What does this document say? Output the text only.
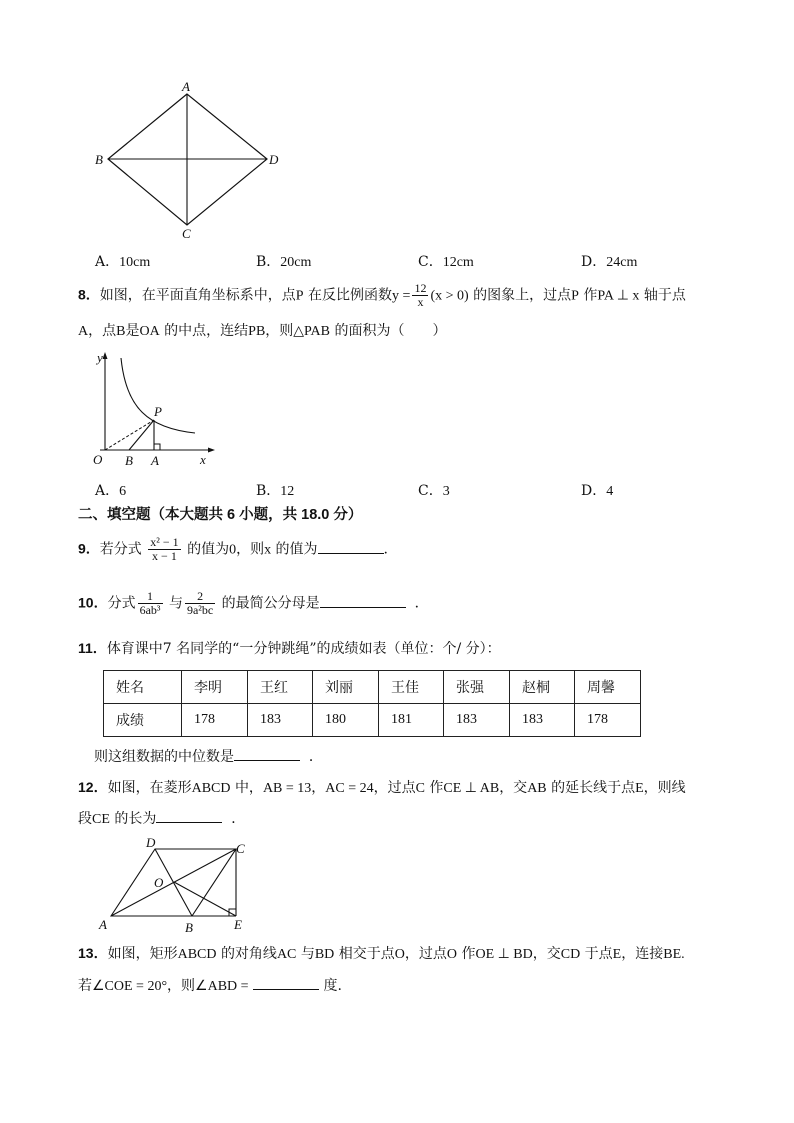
A
B
C
D
A．10cm	B．20cm	C．12cm	D．24cm
8．如图，在平面直角坐标系中，点P 在反比例函数$y = \frac{12}{x} (x > 0)$ 的图象上，过点P 作PA ⊥ x 轴于点
A，点B是OA 的中点，连结PB，则△PAB 的面积为（　　）
y
P
O B A	x
A．6	B．12	C．3	D．4
二、填空题（本大题共 6 小题，共 18.0 分）
9．若分式 $\frac{\text{x² − 1}}{x - 1}$ 的值为0，则x 的值为	.
10．分式 $\frac{1}{\text{6ab³}}$ 与 $\frac{2}{\text{9a²bc}}$ 的最简公分母是	．
11．体育课中7 名同学的“一分钟跳绳”的成绩如表（单位：个/ 分）：
姓名	李明	王红	刘丽	王佳	张强	赵桐	周馨
成绩	178	183	180	181	183	183	178
则这组数据的中位数是	．
12．如图，在菱形ABCD 中，AB = 13，AC = 24，过点C 作CE ⊥ AB，交AB 的延长线于点E，则线
段CE 的长为	．
D	C
O
A	B	E
13．如图，矩形ABCD 的对角线AC 与BD 相交于点O，过点O 作OE ⊥ BD，交CD 于点E，连接BE.
若∠COE = 20°，则∠ABD =	度.
